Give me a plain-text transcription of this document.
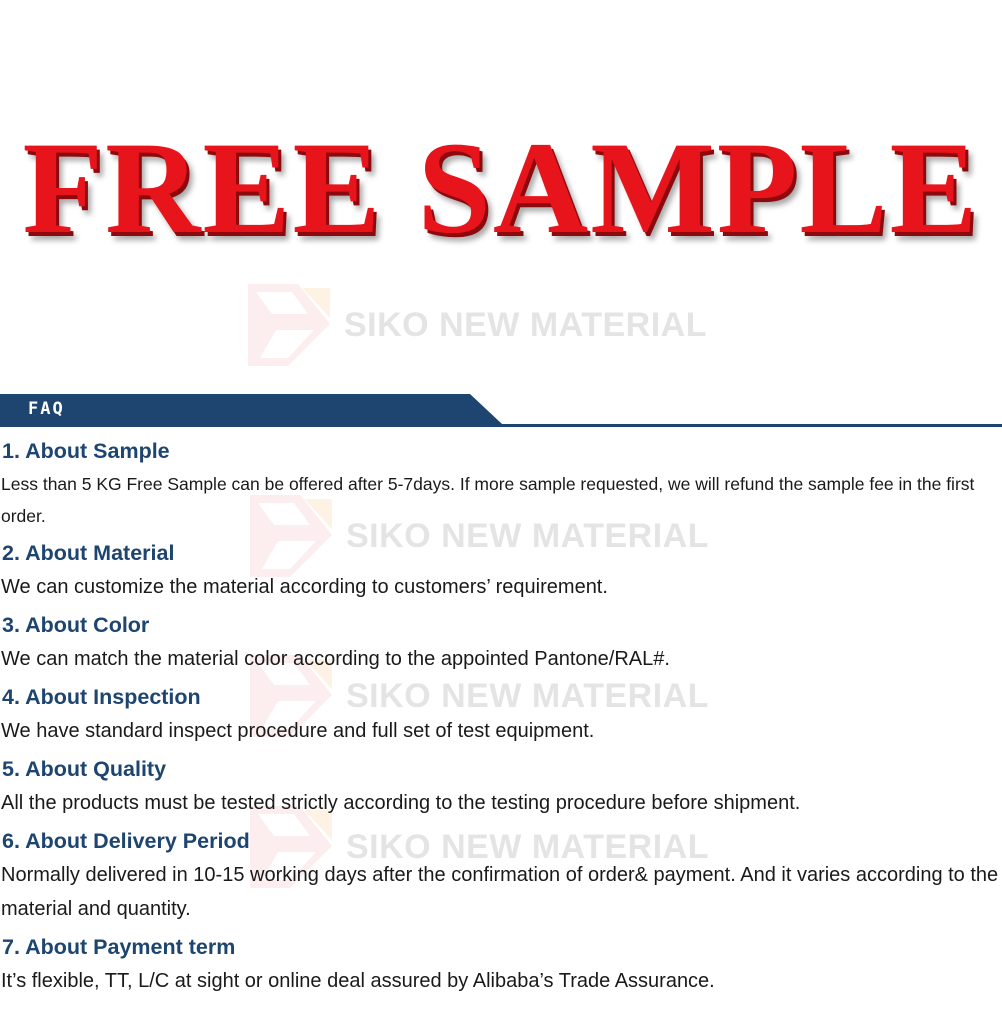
FREE SAMPLE
SIKO NEW MATERIAL
SIKO NEW MATERIAL
SIKO NEW MATERIAL
SIKO NEW MATERIAL
FAQ

1. About Sample

Less than 5 KG Free Sample can be offered after 5-7days. If more sample requested, we will refund the sample fee in the first order.

2. About Material

We can customize the material according to customers’ requirement.

3. About Color

We can match the material color according to the appointed Pantone/RAL#.

4. About Inspection

We have standard inspect procedure and full set of test equipment.

5. About Quality

All the products must be tested strictly according to the testing procedure before shipment.

6. About Delivery Period

Normally delivered in 10-15 working days after the confirmation of order& payment. And it varies according to the material and quantity.

7. About Payment term

It’s flexible, TT, L/C at sight or online deal assured by Alibaba’s Trade Assurance.
